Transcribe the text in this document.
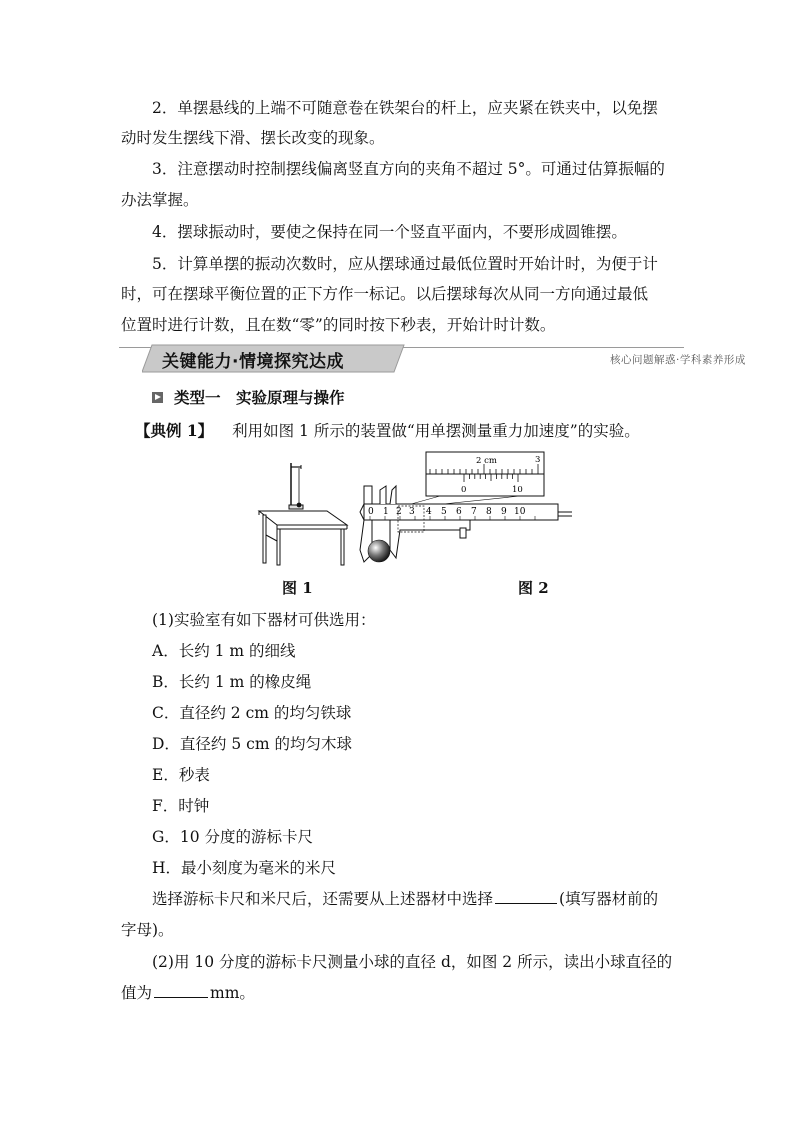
2．单摆悬线的上端不可随意卷在铁架台的杆上，应夹紧在铁夹中，以免摆
动时发生摆线下滑、摆长改变的现象。
3．注意摆动时控制摆线偏离竖直方向的夹角不超过 5°。可通过估算振幅的
办法掌握。
4．摆球振动时，要使之保持在同一个竖直平面内，不要形成圆锥摆。
5．计算单摆的振动次数时，应从摆球通过最低位置时开始计时，为便于计
时，可在摆球平衡位置的正下方作一标记。以后摆球每次从同一方向通过最低
位置时进行计数，且在数“零”的同时按下秒表，开始计时计数。
关键能力·情境探究达成	核心问题解惑·学科素养形成
类型一　实验原理与操作
【典例 1】 利用如图 1 所示的装置做“用单摆测量重力加速度”的实验。
图 1
2 cm	3
0	10
0 1 2 3 4 5 6 7 8 9 10
图 2
(1)实验室有如下器材可供选用：
A．长约 1 m 的细线
B．长约 1 m 的橡皮绳
C．直径约 2 cm 的均匀铁球
D．直径约 5 cm 的均匀木球
E．秒表
F．时钟
G．10 分度的游标卡尺
H．最小刻度为毫米的米尺
选择游标卡尺和米尺后，还需要从上述器材中选择	(填写器材前的
字母)。
(2)用 10 分度的游标卡尺测量小球的直径 d，如图 2 所示，读出小球直径的
值为	mm。
